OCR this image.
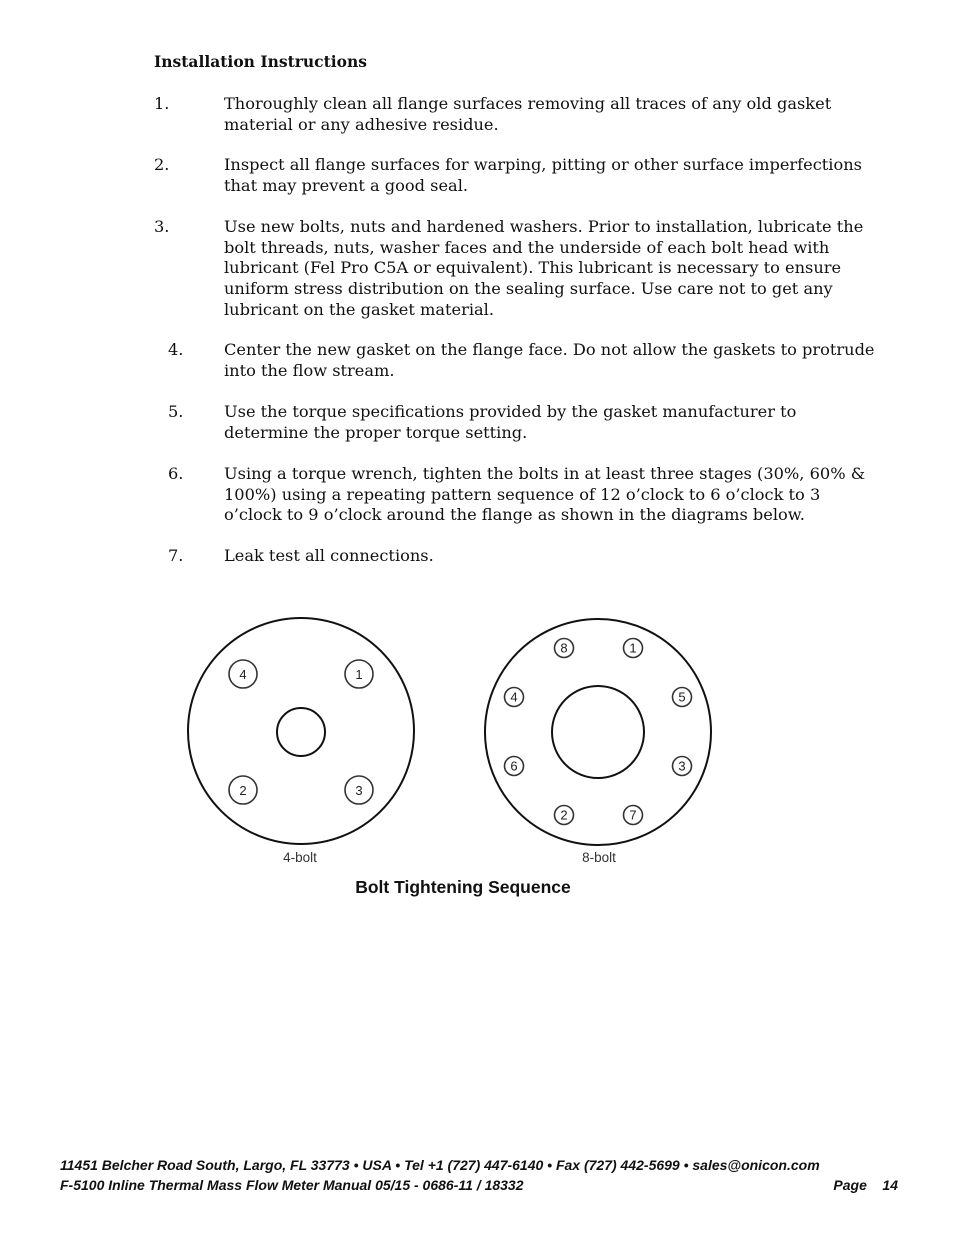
Installation Instructions
1.	Thoroughly clean all flange surfaces removing all traces of any old gasket material or any adhesive residue.
2.	Inspect all flange surfaces for warping, pitting or other surface imperfections that may prevent a good seal.
3.	Use new bolts, nuts and hardened washers. Prior to installation, lubricate the bolt threads, nuts, washer faces and the underside of each bolt head with lubricant (Fel Pro C5A or equivalent). This lubricant is necessary to ensure uniform stress distribution on the sealing surface. Use care not to get any lubricant on the gasket material.
4.	Center the new gasket on the flange face. Do not allow the gaskets to protrude into the flow stream.
5.	Use the torque specifications provided by the gasket manufacturer to determine the proper torque setting.
6.	Using a torque wrench, tighten the bolts in at least three stages (30%, 60% & 100%) using a repeating pattern sequence of 12 o’clock to 6 o’clock to 3 o’clock to 9 o’clock around the flange as shown in the diagrams below.
7.	Leak test all connections.
4	1
2	3
4-bolt
8	1
4	5
6	3
2	7
8-bolt
Bolt Tightening Sequence
11451 Belcher Road South, Largo, FL 33773 • USA • Tel +1 (727) 447-6140 • Fax (727) 442-5699 • sales@onicon.com
F-5100 Inline Thermal Mass Flow Meter Manual 05/15 - 0686-11 / 18332	Page    14
